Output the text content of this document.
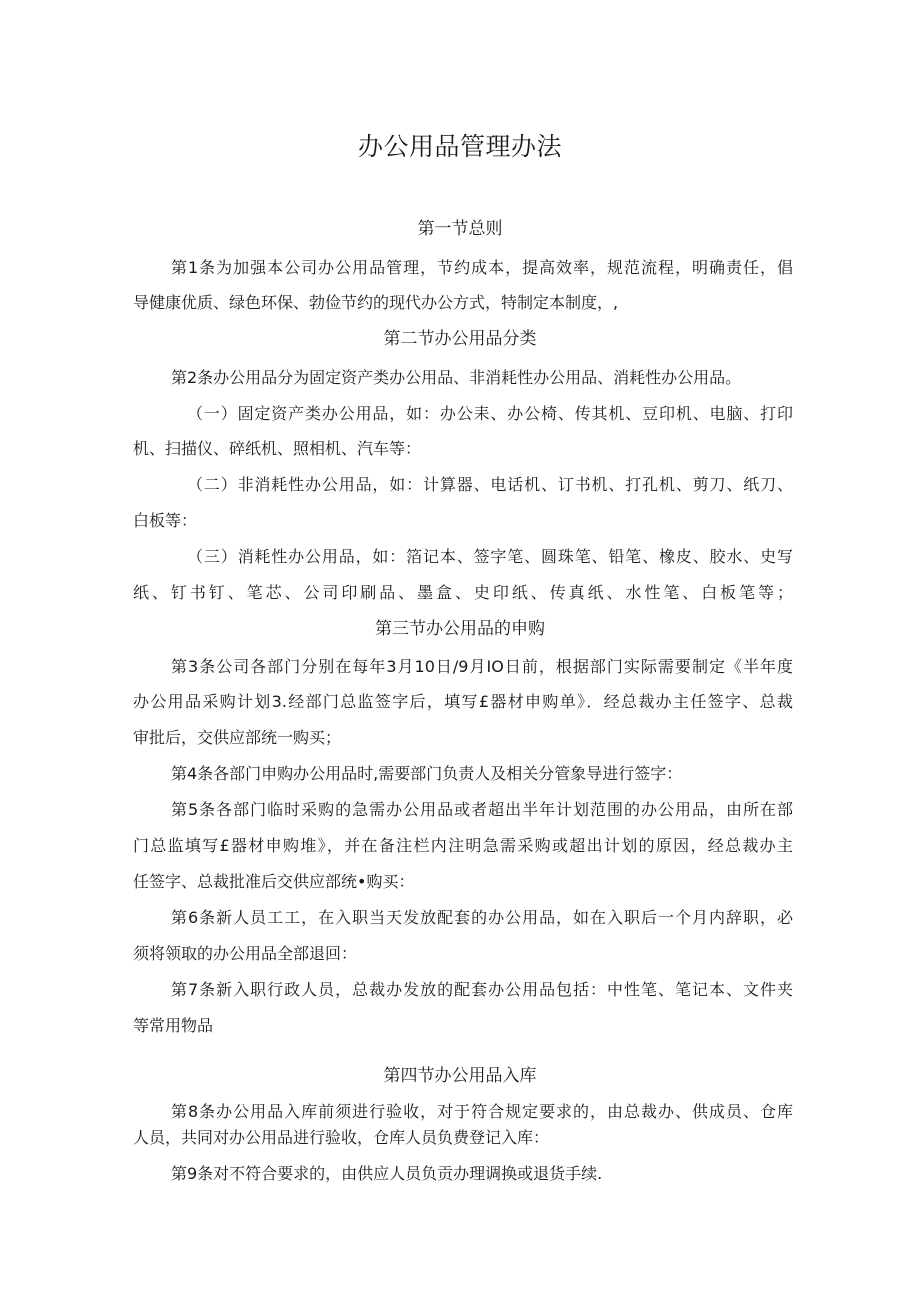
办公用品管理办法
第一节总则

第1条为加强本公司办公用品管理，节约成本，提高效率，规范流程，明确责任，倡

导健康优质、绿色环保、勃俭节约的现代办公方式，特制定本制度，,

第二节办公用品分类

第2条办公用品分为固定资产类办公用品、非消耗性办公用品、消耗性办公用品。

（一）固定资产类办公用品，如：办公耒、办公椅、传其机、豆印机、电脑、打印

机、扫描仪、碎纸机、照相机、汽车等：

（二）非消耗性办公用品，如：计算器、电话机、订书机、打孔机、剪刀、纸刀、

白板等：

（三）消耗性办公用品，如：箔记本、签字笔、圆珠笔、铅笔、橡皮、胶水、史写

纸、钉书钉、笔芯、公司印刷品、墨盒、史印纸、传真纸、水性笔、白板笔等；

第三节办公用品的申购

第3条公司各部门分别在每年3月10日/9月IO日前，根据部门实际需要制定《半年度

办公用品采购计划3.经部门总监签字后，填写£器材申购单》．经总裁办主任签字、总裁

审批后，交供应部统一购买；

第4条各部门申购办公用品时,需要部门负责人及相关分管象导进行签字：

第5条各部门临时采购的急需办公用品或者超出半年计划范围的办公用品，由所在部

门总监填写£器材申购堆》，并在备注栏内注明急需采购或超出计划的原因，经总裁办主

任签字、总裁批准后交供应部统•购买：

第6条新人员工工，在入职当天发放配套的办公用品，如在入职后一个月内辞职，必

须将领取的办公用品全部退回：

第7条新入职行政人员，总裁办发放的配套办公用品包括：中性笔、笔记本、文件夹

等常用物品

第四节办公用品入库

第8条办公用品入库前须进行验收，对于符合规定要求的，由总裁办、供成员、仓库

人员，共同对办公用品进行验收，仓库人员负费登记入库：

第9条对不符合要求的，由供应人员负贡办理调换或退货手续.
